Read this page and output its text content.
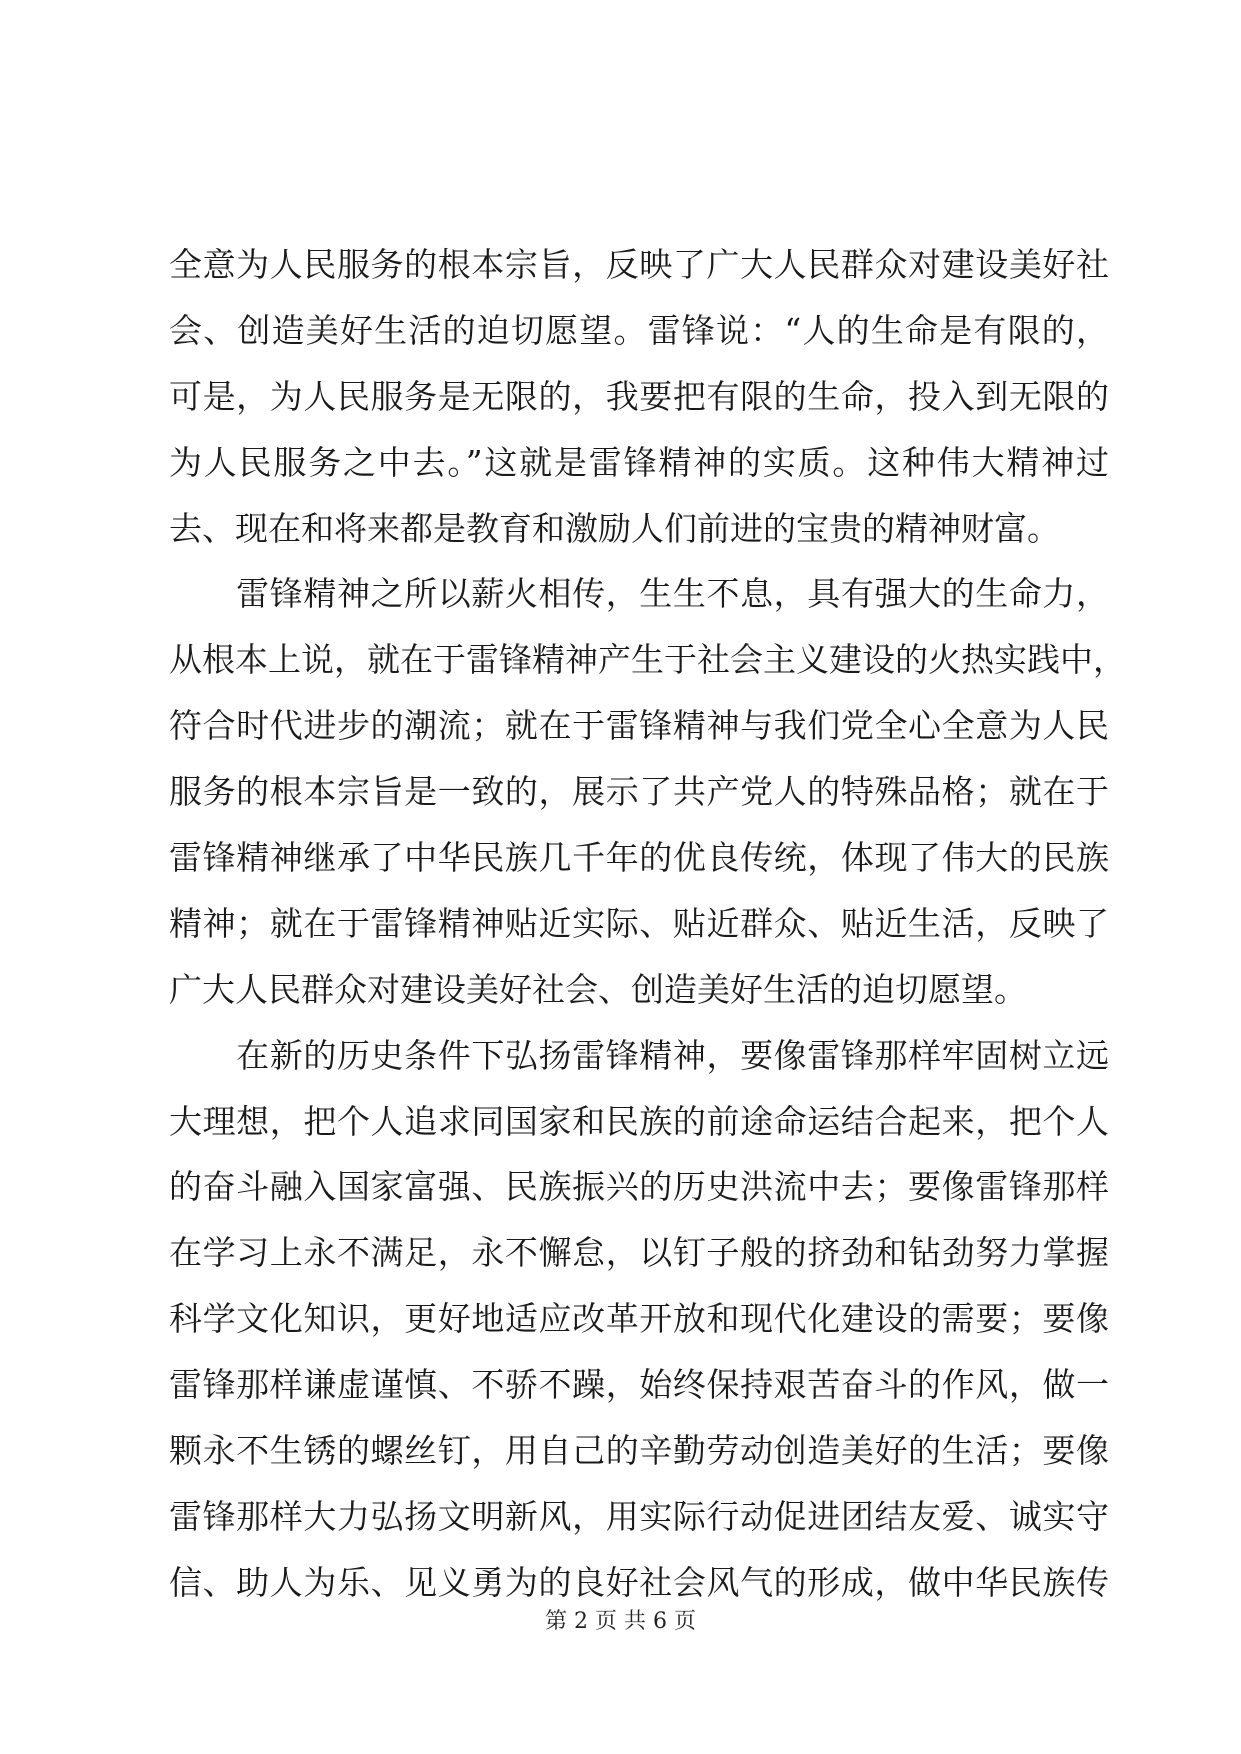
全意为人民服务的根本宗旨，反映了广大人民群众对建设美好社
会、创造美好生活的迫切愿望。雷锋说：“人的生命是有限的，
可是，为人民服务是无限的，我要把有限的生命，投入到无限的
为人民服务之中去。”这就是雷锋精神的实质。这种伟大精神过
去、现在和将来都是教育和激励人们前进的宝贵的精神财富。
　　雷锋精神之所以薪火相传，生生不息，具有强大的生命力，
从根本上说，就在于雷锋精神产生于社会主义建设的火热实践中，
符合时代进步的潮流；就在于雷锋精神与我们党全心全意为人民
服务的根本宗旨是一致的，展示了共产党人的特殊品格；就在于
雷锋精神继承了中华民族几千年的优良传统，体现了伟大的民族
精神；就在于雷锋精神贴近实际、贴近群众、贴近生活，反映了
广大人民群众对建设美好社会、创造美好生活的迫切愿望。
　　在新的历史条件下弘扬雷锋精神，要像雷锋那样牢固树立远
大理想，把个人追求同国家和民族的前途命运结合起来，把个人
的奋斗融入国家富强、民族振兴的历史洪流中去；要像雷锋那样
在学习上永不满足，永不懈怠，以钉子般的挤劲和钻劲努力掌握
科学文化知识，更好地适应改革开放和现代化建设的需要；要像
雷锋那样谦虚谨慎、不骄不躁，始终保持艰苦奋斗的作风，做一
颗永不生锈的螺丝钉，用自己的辛勤劳动创造美好的生活；要像
雷锋那样大力弘扬文明新风，用实际行动促进团结友爱、诚实守
信、助人为乐、见义勇为的良好社会风气的形成，做中华民族传
第 2 页 共 6 页
